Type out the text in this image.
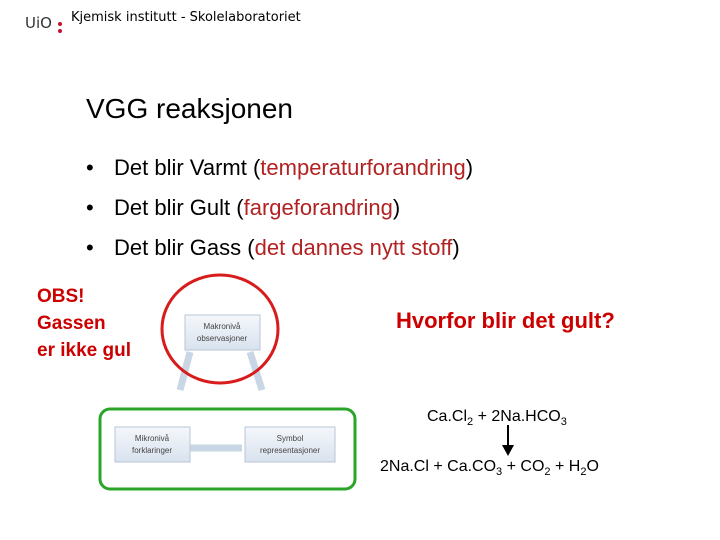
UiO	Kjemisk institutt - Skolelaboratoriet
VGG reaksjonen
• Det blir Varmt (temperaturforandring)
• Det blir Gult (fargeforandring)
• Det blir Gass (det dannes nytt stoff)
OBS!
Gassen
er ikke gul
Hvorfor blir det gult?
Makronivå
observasjoner
Mikronivå
forklaringer
Symbol
representasjoner
$Ca.Cl_2 + 2Na.HCO_3$
$2Na.Cl + Ca.CO_3 + CO_2 + H_2O$
